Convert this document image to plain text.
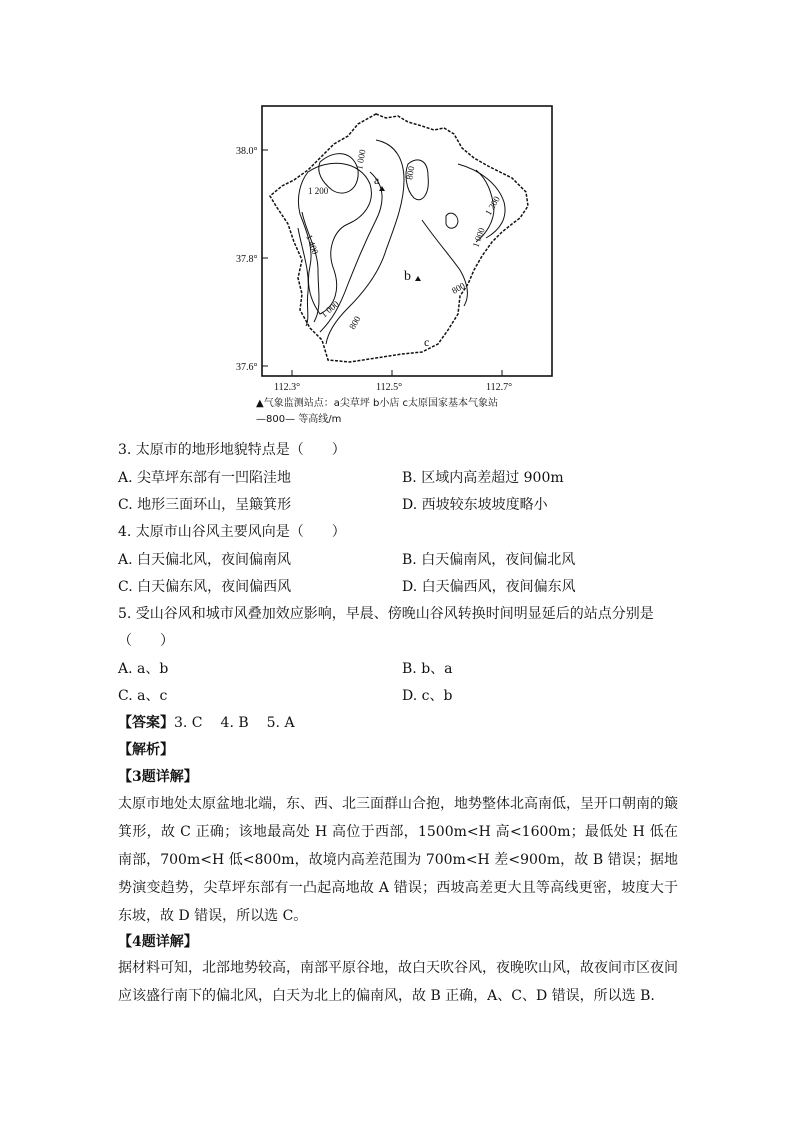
1 200
1 400
1 000
800
1 000
1 200
1 000
800
800
a
b
c
38.0°
37.8°
37.6°
112.3°	112.5°	112.7°
▲气象监测站点：a尖草坪 b小店 c太原国家基本气象站
—800— 等高线/m
3. 太原市的地形地貌特点是（　　）
A. 尖草坪东部有一凹陷洼地	B. 区域内高差超过 900m
C. 地形三面环山，呈簸箕形	D. 西坡较东坡坡度略小
4. 太原市山谷风主要风向是（　　）
A. 白天偏北风，夜间偏南风	B. 白天偏南风，夜间偏北风
C. 白天偏东风，夜间偏西风	D. 白天偏西风，夜间偏东风
5. 受山谷风和城市风叠加效应影响，早晨、傍晚山谷风转换时间明显延后的站点分别是
（　　）
A. a、b	B. b、a
C. a、c	D. c、b
【答案】3. C 4. B 5. A
【解析】
【3题详解】
太原市地处太原盆地北端，东、西、北三面群山合抱，地势整体北高南低，呈开口朝南的簸箕形，故 C 正确；该地最高处 H 高位于西部，1500m<H 高<1600m；最低处 H 低在南部，700m<H 低<800m，故境内高差范围为 700m<H 差<900m，故 B 错误；据地势演变趋势，尖草坪东部有一凸起高地故 A 错误；西坡高差更大且等高线更密，坡度大于东坡，故 D 错误，所以选 C。
【4题详解】
据材料可知，北部地势较高，南部平原谷地，故白天吹谷风，夜晚吹山风，故夜间市区夜间应该盛行南下的偏北风，白天为北上的偏南风，故 B 正确，A、C、D 错误，所以选 B.
